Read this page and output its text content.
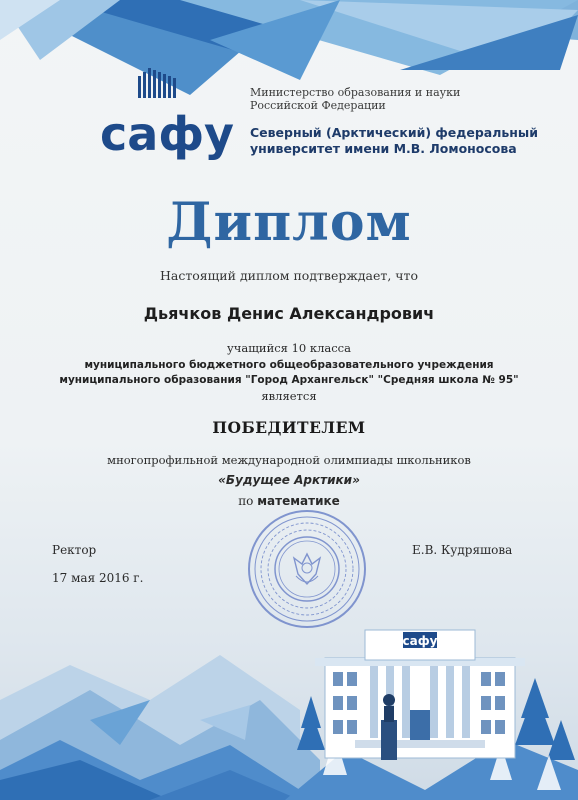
сафу

Министерство образования и науки

Российской Федерации

Северный (Арктический) федеральный

университет имени М.В. Ломоносова

Диплом

Настоящий диплом подтверждает, что

Дьячков Денис Александрович

учащийся 10 класса

муниципального бюджетного общеобразовательного учреждения

муниципального образования "Город Архангельск" "Средняя школа № 95"

является

ПОБЕДИТЕЛЕМ

многопрофильной международной олимпиады школьников

«Будущее Арктики»

по математике

Ректор

17 мая 2016 г.

Е.В. Кудряшова

сафу
